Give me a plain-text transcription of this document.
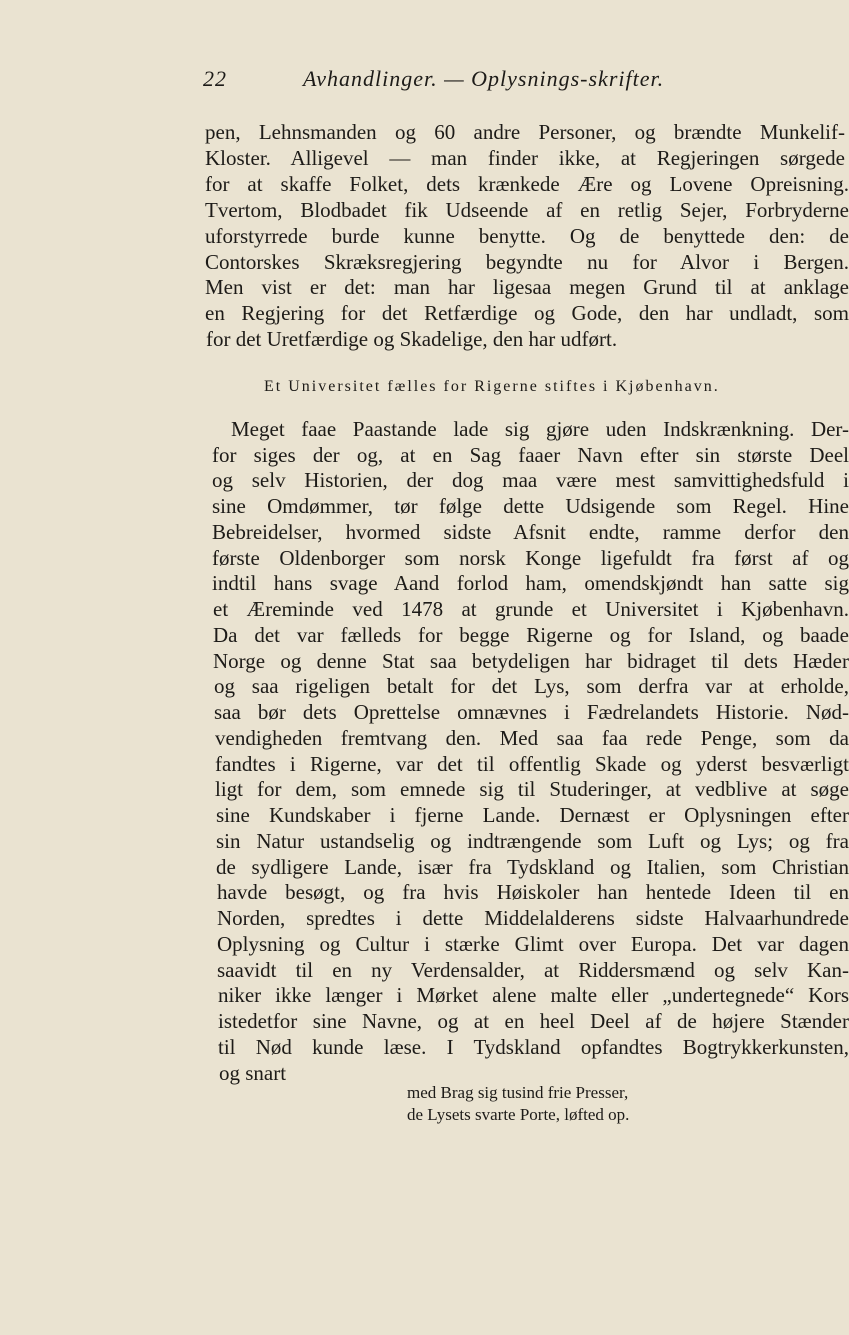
22	Avhandlinger. — Oplysnings-skrifter.
pen, Lehnsmanden og 60 andre Personer, og brændte Munkelif-
Kloster. Alligevel — man finder ikke, at Regjeringen sørgede
for at skaffe Folket, dets krænkede Ære og Lovene Opreisning.
Tvertom, Blodbadet fik Udseende af en retlig Sejer, Forbryderne
uforstyrrede burde kunne benytte. Og de benyttede den: de
Contorskes Skræksregjering begyndte nu for Alvor i Bergen.
Men vist er det: man har ligesaa megen Grund til at anklage
en Regjering for det Retfærdige og Gode, den har undladt, som
for det Uretfærdige og Skadelige, den har udført.
Et Universitet fælles for Rigerne stiftes i Kjøbenhavn.
Meget faae Paastande lade sig gjøre uden Indskrænkning. Der-
for siges der og, at en Sag faaer Navn efter sin største Deel
og selv Historien, der dog maa være mest samvittighedsfuld i
sine Omdømmer, tør følge dette Udsigende som Regel. Hine
Bebreidelser, hvormed sidste Afsnit endte, ramme derfor den
første Oldenborger som norsk Konge ligefuldt fra først af og
indtil hans svage Aand forlod ham, omendskjøndt han satte sig
et Æreminde ved 1478 at grunde et Universitet i Kjøbenhavn.
Da det var fælleds for begge Rigerne og for Island, og baade
Norge og denne Stat saa betydeligen har bidraget til dets Hæder
og saa rigeligen betalt for det Lys, som derfra var at erholde,
saa bør dets Oprettelse omnævnes i Fædrelandets Historie. Nød-
vendigheden fremtvang den. Med saa faa rede Penge, som da
fandtes i Rigerne, var det til offentlig Skade og yderst besværligt
ligt for dem, som emnede sig til Studeringer, at vedblive at søge
sine Kundskaber i fjerne Lande. Dernæst er Oplysningen efter
sin Natur ustandselig og indtrængende som Luft og Lys; og fra
de sydligere Lande, især fra Tydskland og Italien, som Christian
havde besøgt, og fra hvis Høiskoler han hentede Ideen til en
Norden, spredtes i dette Middelalderens sidste Halvaarhundrede
Oplysning og Cultur i stærke Glimt over Europa. Det var dagen
saavidt til en ny Verdensalder, at Riddersmænd og selv Kan-
niker ikke længer i Mørket alene malte eller „undertegnede“ Kors
istedetfor sine Navne, og at en heel Deel af de højere Stænder
til Nød kunde læse. I Tydskland opfandtes Bogtrykkerkunsten,
og snart
med Brag sig tusind frie Presser,
de Lysets svarte Porte, løfted op.
